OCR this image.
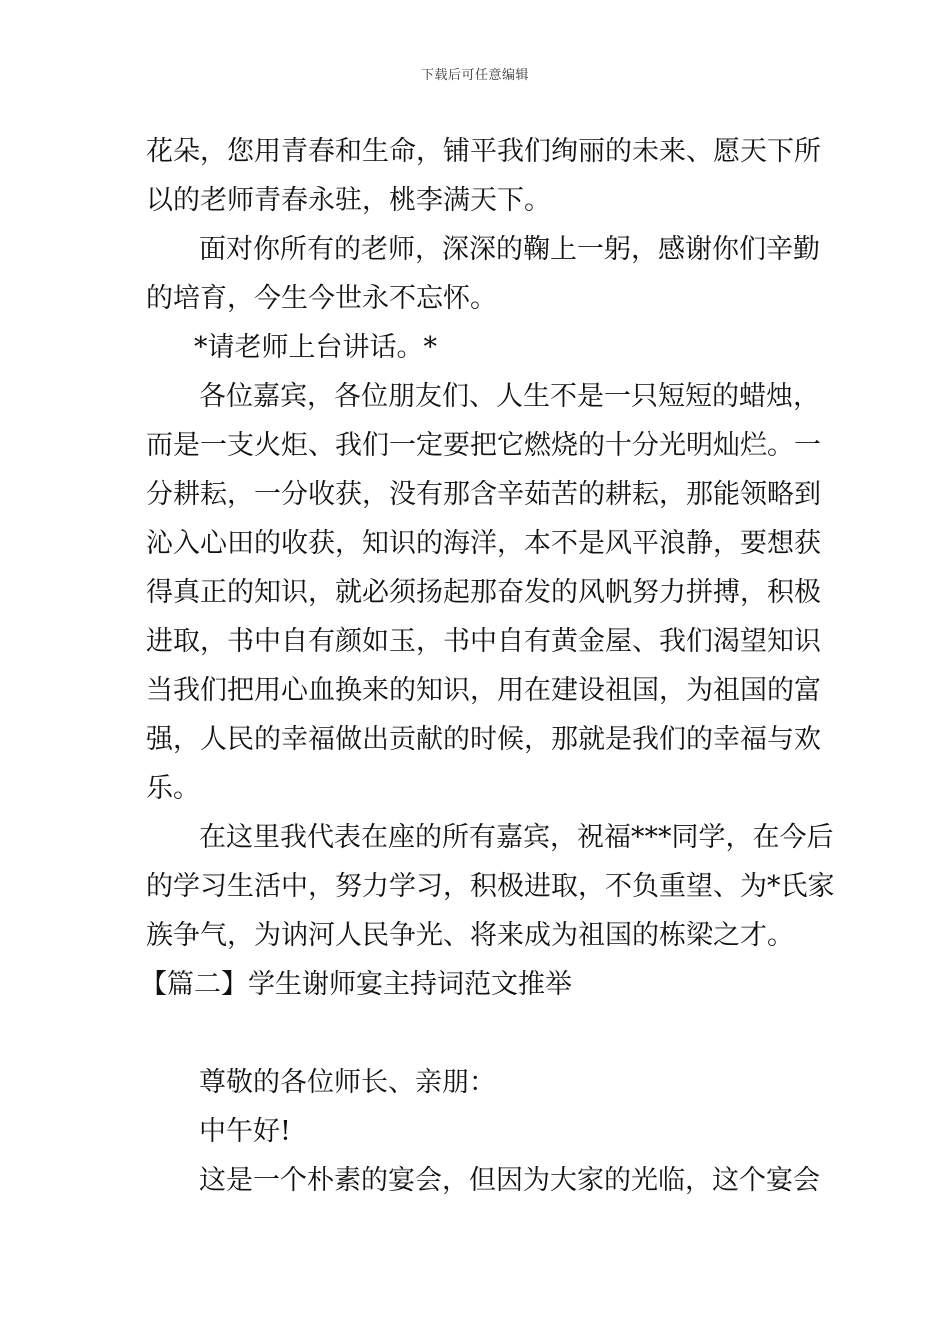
下载后可任意编辑
花朵，您用青春和生命，铺平我们绚丽的未来、愿天下所
以的老师青春永驻，桃李满天下。
面对你所有的老师，深深的鞠上一躬，感谢你们辛勤
的培育，今生今世永不忘怀。
*请老师上台讲话。*
各位嘉宾，各位朋友们、人生不是一只短短的蜡烛，
而是一支火炬、我们一定要把它燃烧的十分光明灿烂。一
分耕耘，一分收获，没有那含辛茹苦的耕耘，那能领略到
沁入心田的收获，知识的海洋，本不是风平浪静，要想获
得真正的知识，就必须扬起那奋发的风帆努力拼搏，积极
进取，书中自有颜如玉，书中自有黄金屋、我们渴望知识
当我们把用心血换来的知识，用在建设祖国，为祖国的富
强，人民的幸福做出贡献的时候，那就是我们的幸福与欢
乐。
在这里我代表在座的所有嘉宾，祝福***同学，在今后
的学习生活中，努力学习，积极进取，不负重望、为*氏家
族争气，为讷河人民争光、将来成为祖国的栋梁之才。
【篇二】学生谢师宴主持词范文推举
尊敬的各位师长、亲朋：
中午好!
这是一个朴素的宴会，但因为大家的光临，这个宴会
